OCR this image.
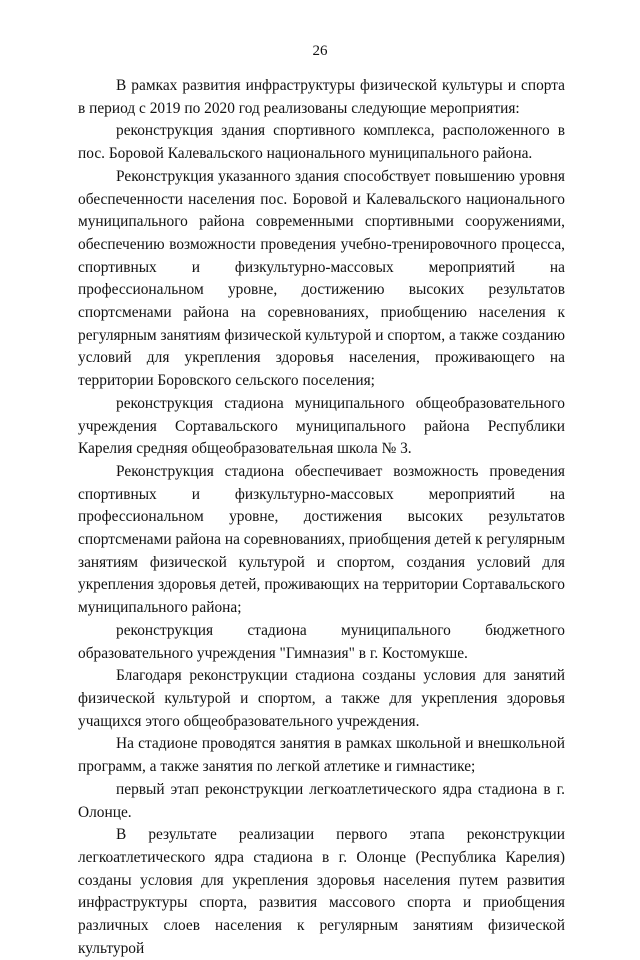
26

В рамках развития инфраструктуры физической культуры и спорта в период с 2019 по 2020 год реализованы следующие мероприятия:

реконструкция здания спортивного комплекса, расположенного в пос. Боровой Калевальского национального муниципального района.

Реконструкция указанного здания способствует повышению уровня обеспеченности населения пос. Боровой и Калевальского национального муниципального района современными спортивными сооружениями, обеспечению возможности проведения учебно-тренировочного процесса, спортивных и физкультурно-массовых мероприятий на профессиональном уровне, достижению высоких результатов спортсменами района на соревнованиях, приобщению населения к регулярным занятиям физической культурой и спортом, а также созданию условий для укрепления здоровья населения, проживающего на территории Боровского сельского поселения;

реконструкция стадиона муниципального общеобразовательного учреждения Сортавальского муниципального района Республики Карелия средняя общеобразовательная школа № 3.

Реконструкция стадиона обеспечивает возможность проведения спортивных и физкультурно-массовых мероприятий на профессиональном уровне, достижения высоких результатов спортсменами района на соревнованиях, приобщения детей к регулярным занятиям физической культурой и спортом, создания условий для укрепления здоровья детей, проживающих на территории Сортавальского муниципального района;

реконструкция стадиона муниципального бюджетного образовательного учреждения "Гимназия" в г. Костомукше.

Благодаря реконструкции стадиона созданы условия для занятий физической культурой и спортом, а также для укрепления здоровья учащихся этого общеобразовательного учреждения.

На стадионе проводятся занятия в рамках школьной и внешкольной программ, а также занятия по легкой атлетике и гимнастике;

первый этап реконструкции легкоатлетического ядра стадиона в г. Олонце.

В результате реализации первого этапа реконструкции легкоатлетического ядра стадиона в г. Олонце (Республика Карелия) созданы условия для укрепления здоровья населения путем развития инфраструктуры спорта, развития массового спорта и приобщения различных слоев населения к регулярным занятиям физической культурой
